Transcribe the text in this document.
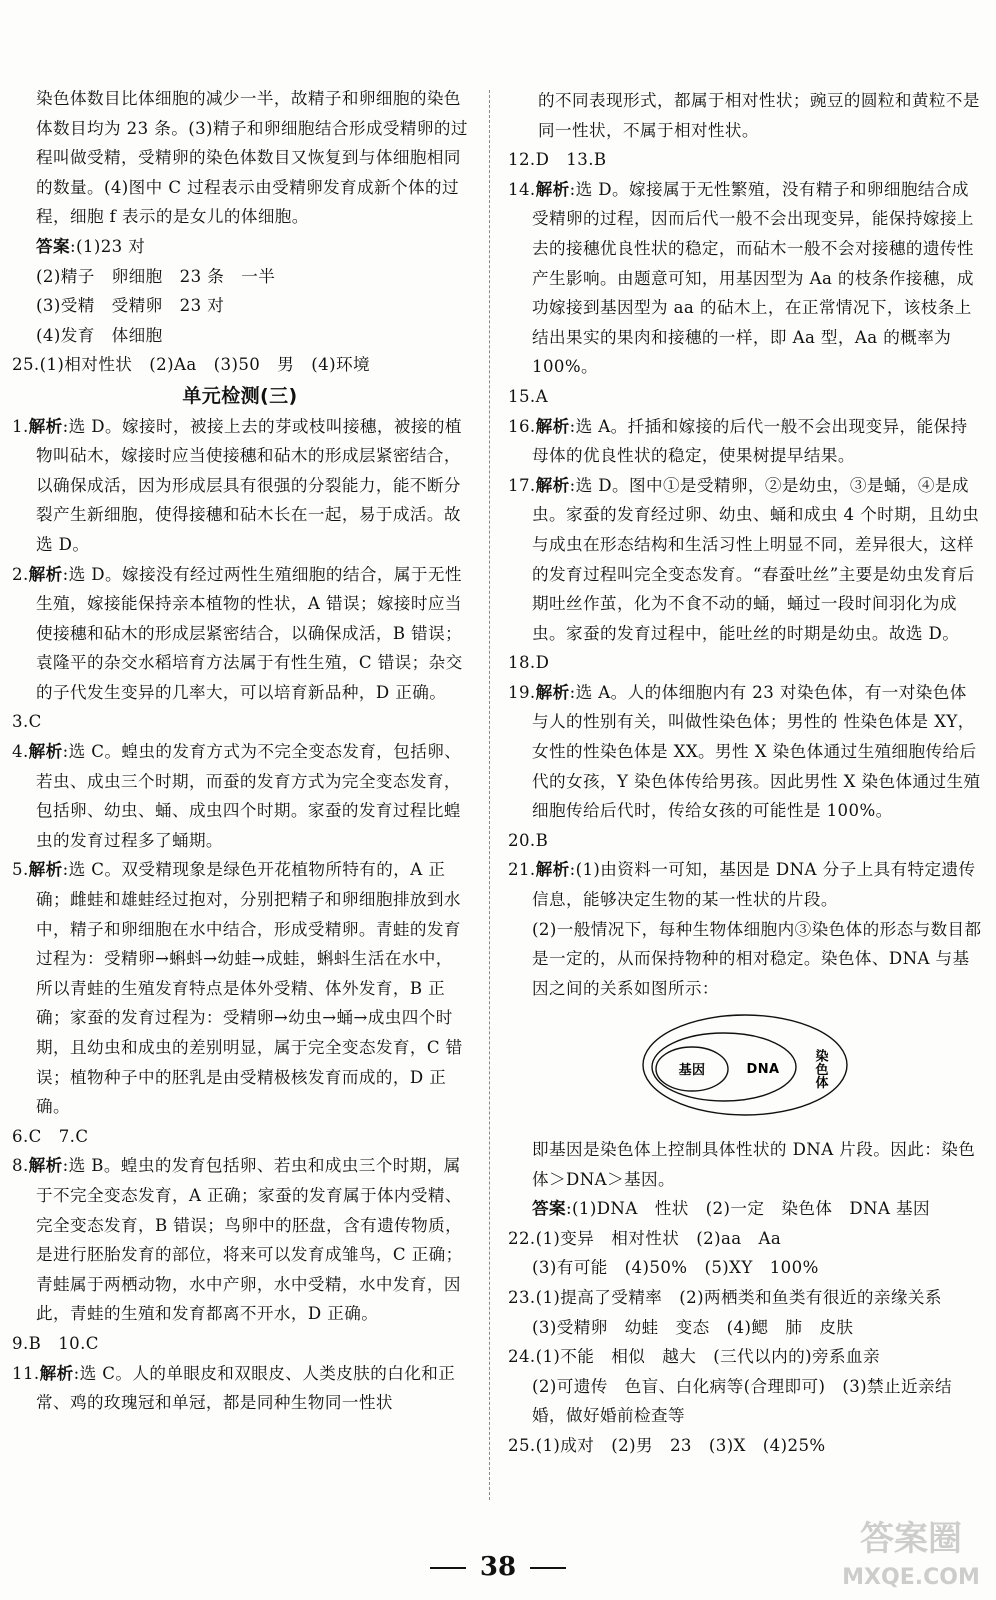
染色体数目比体细胞的减少一半，故精子和卵细胞的染色体数目均为 23 条。(3)精子和卵细胞结合形成受精卵的过程叫做受精，受精卵的染色体数目又恢复到与体细胞相同的数量。(4)图中 C 过程表示由受精卵发育成新个体的过程，细胞 f 表示的是女儿的体细胞。

答案:(1)23 对
(2)精子　卵细胞　23 条　一半
(3)受精　受精卵　23 对
(4)发育　体细胞

25.(1)相对性状　(2)Aa　(3)50　男　(4)环境

单元检测(三)

1.解析:选 D。嫁接时，被接上去的芽或枝叫接穗，被接的植物叫砧木，嫁接时应当使接穗和砧木的形成层紧密结合，以确保成活，因为形成层具有很强的分裂能力，能不断分裂产生新细胞，使得接穗和砧木长在一起，易于成活。故选 D。

2.解析:选 D。嫁接没有经过两性生殖细胞的结合，属于无性生殖，嫁接能保持亲本植物的性状，A 错误；嫁接时应当使接穗和砧木的形成层紧密结合，以确保成活，B 错误；袁隆平的杂交水稻培育方法属于有性生殖，C 错误；杂交的子代发生变异的几率大，可以培育新品种，D 正确。

3.C

4.解析:选 C。蝗虫的发育方式为不完全变态发育，包括卵、若虫、成虫三个时期，而蚕的发育方式为完全变态发育，包括卵、幼虫、蛹、成虫四个时期。家蚕的发育过程比蝗虫的发育过程多了蛹期。

5.解析:选 C。双受精现象是绿色开花植物所特有的，A 正确；雌蛙和雄蛙经过抱对，分别把精子和卵细胞排放到水中，精子和卵细胞在水中结合，形成受精卵。青蛙的发育过程为：受精卵→蝌蚪→幼蛙→成蛙，蝌蚪生活在水中，所以青蛙的生殖发育特点是体外受精、体外发育，B 正确；家蚕的发育过程为：受精卵→幼虫→蛹→成虫四个时期，且幼虫和成虫的差别明显，属于完全变态发育，C 错误；植物种子中的胚乳是由受精极核发育而成的，D 正确。

6.C　7.C

8.解析:选 B。蝗虫的发育包括卵、若虫和成虫三个时期，属于不完全变态发育，A 正确；家蚕的发育属于体内受精、完全变态发育，B 错误；鸟卵中的胚盘，含有遗传物质，是进行胚胎发育的部位，将来可以发育成雏鸟，C 正确；青蛙属于两栖动物，水中产卵，水中受精，水中发育，因此，青蛙的生殖和发育都离不开水，D 正确。

9.B　10.C

11.解析:选 C。人的单眼皮和双眼皮、人类皮肤的白化和正常、鸡的玫瑰冠和单冠，都是同种生物同一性状

的不同表现形式，都属于相对性状；豌豆的圆粒和黄粒不是同一性状，不属于相对性状。

12.D　13.B

14.解析:选 D。嫁接属于无性繁殖，没有精子和卵细胞结合成受精卵的过程，因而后代一般不会出现变异，能保持嫁接上去的接穗优良性状的稳定，而砧木一般不会对接穗的遗传性产生影响。由题意可知，用基因型为 Aa 的枝条作接穗，成功嫁接到基因型为 aa 的砧木上，在正常情况下，该枝条上结出果实的果肉和接穗的一样，即 Aa 型，Aa 的概率为 100%。

15.A

16.解析:选 A。扦插和嫁接的后代一般不会出现变异，能保持母体的优良性状的稳定，使果树提早结果。

17.解析:选 D。图中①是受精卵，②是幼虫，③是蛹，④是成虫。家蚕的发育经过卵、幼虫、蛹和成虫 4 个时期，且幼虫与成虫在形态结构和生活习性上明显不同，差异很大，这样的发育过程叫完全变态发育。“春蚕吐丝”主要是幼虫发育后期吐丝作茧，化为不食不动的蛹，蛹过一段时间羽化为成虫。家蚕的发育过程中，能吐丝的时期是幼虫。故选 D。

18.D

19.解析:选 A。人的体细胞内有 23 对染色体，有一对染色体与人的性别有关，叫做性染色体；男性的 性染色体是 XY，女性的性染色体是 XX。男性 X 染色体通过生殖细胞传给后代的女孩，Y 染色体传给男孩。因此男性 X 染色体通过生殖细胞传给后代时，传给女孩的可能性是 100%。

20.B

21.解析:(1)由资料一可知，基因是 DNA 分子上具有特定遗传信息，能够决定生物的某一性状的片段。

(2)一般情况下，每种生物体细胞内③染色体的形态与数目都是一定的，从而保持物种的相对稳定。染色体、DNA 与基因之间的关系如图所示：

基因	DNA	染色体

即基因是染色体上控制具体性状的 DNA 片段。因此：染色体＞DNA＞基因。

答案:(1)DNA　性状　(2)一定　染色体　DNA 基因

22.(1)变异　相对性状　(2)aa　Aa
(3)有可能　(4)50%　(5)XY　100%

23.(1)提高了受精率　(2)两栖类和鱼类有很近的亲缘关系　(3)受精卵　幼蛙　变态　(4)鳃　肺　皮肤

24.(1)不能　相似　越大　(三代以内的)旁系血亲
(2)可遗传　色盲、白化病等(合理即可)　(3)禁止近亲结婚，做好婚前检查等

25.(1)成对　(2)男　23　(3)X　(4)25%

38
答案圈
MXQE.COM
